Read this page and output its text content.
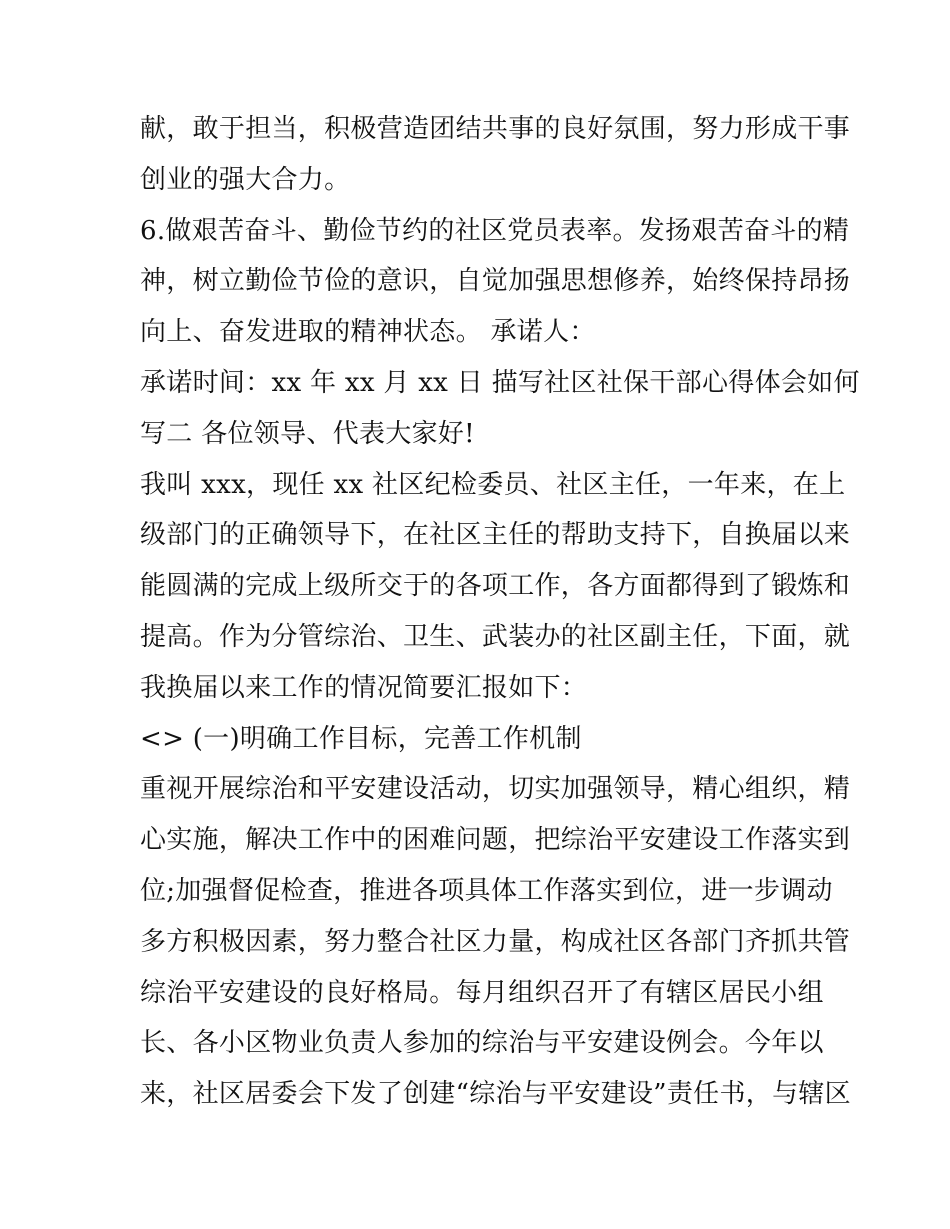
献，敢于担当，积极营造团结共事的良好氛围，努力形成干事
创业的强大合力。
6.做艰苦奋斗、勤俭节约的社区党员表率。发扬艰苦奋斗的精
神，树立勤俭节俭的意识，自觉加强思想修养，始终保持昂扬
向上、奋发进取的精神状态。 承诺人：
承诺时间：xx 年 xx 月 xx 日 描写社区社保干部心得体会如何
写二 各位领导、代表大家好!
我叫 xxx，现任 xx 社区纪检委员、社区主任，一年来，在上
级部门的正确领导下，在社区主任的帮助支持下，自换届以来
能圆满的完成上级所交于的各项工作，各方面都得到了锻炼和
提高。作为分管综治、卫生、武装办的社区副主任，下面，就
我换届以来工作的情况简要汇报如下：
<> (一)明确工作目标，完善工作机制
重视开展综治和平安建设活动，切实加强领导，精心组织，精
心实施，解决工作中的困难问题，把综治平安建设工作落实到
位;加强督促检查，推进各项具体工作落实到位，进一步调动
多方积极因素，努力整合社区力量，构成社区各部门齐抓共管
综治平安建设的良好格局。每月组织召开了有辖区居民小组
长、各小区物业负责人参加的综治与平安建设例会。今年以
来，社区居委会下发了创建“综治与平安建设”责任书，与辖区
